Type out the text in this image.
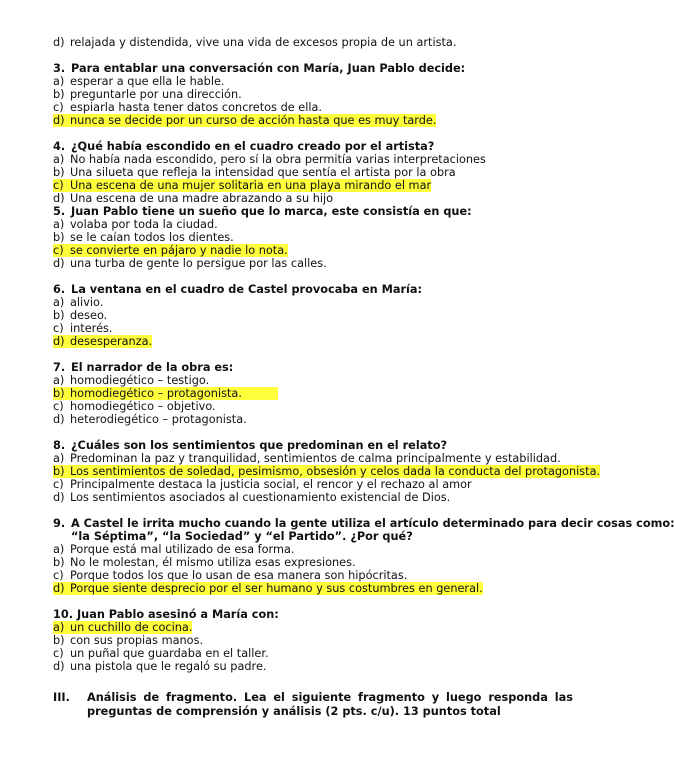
d) relajada y distendida, vive una vida de excesos propia de un artista.
3. Para entablar una conversación con María, Juan Pablo decide:
a) esperar a que ella le hable.
b) preguntarle por una dirección.
c) espiarla hasta tener datos concretos de ella.
d) nunca se decide por un curso de acción hasta que es muy tarde.
4. ¿Qué había escondido en el cuadro creado por el artista?
a) No había nada escondido, pero sí la obra permitía varias interpretaciones
b) Una silueta que refleja la intensidad que sentía el artista por la obra
c) Una escena de una mujer solitaria en una playa mirando el mar
d) Una escena de una madre abrazando a su hijo
5. Juan Pablo tiene un sueño que lo marca, este consistía en que:
a) volaba por toda la ciudad.
b) se le caían todos los dientes.
c) se convierte en pájaro y nadie lo nota.
d) una turba de gente lo persigue por las calles.
6. La ventana en el cuadro de Castel provocaba en María:
a) alivio.
b) deseo.
c) interés.
d) desesperanza.
7. El narrador de la obra es:
a) homodiegético – testigo.
b) homodiegético – protagonista.
c) homodiegético – objetivo.
d) heterodiegético – protagonista.
8. ¿Cuáles son los sentimientos que predominan en el relato?
a) Predominan la paz y tranquilidad, sentimientos de calma principalmente y estabilidad.
b) Los sentimientos de soledad, pesimismo, obsesión y celos dada la conducta del protagonista.
c) Principalmente destaca la justicia social, el rencor y el rechazo al amor
d) Los sentimientos asociados al cuestionamiento existencial de Dios.
9. A Castel le irrita mucho cuando la gente utiliza el artículo determinado para decir cosas como:
“la Séptima”, “la Sociedad” y “el Partido”. ¿Por qué?
a) Porque está mal utilizado de esa forma.
b) No le molestan, él mismo utiliza esas expresiones.
c) Porque todos los que lo usan de esa manera son hipócritas.
d) Porque siente desprecio por el ser humano y sus costumbres en general.
10. Juan Pablo asesinó a María con:
a) un cuchillo de cocina.
b) con sus propias manos.
c) un puñal que guardaba en el taller.
d) una pistola que le regaló su padre.
III. Análisis de fragmento. Lea el siguiente fragmento y luego responda las preguntas de comprensión y análisis (2 pts. c/u). 13 puntos total
